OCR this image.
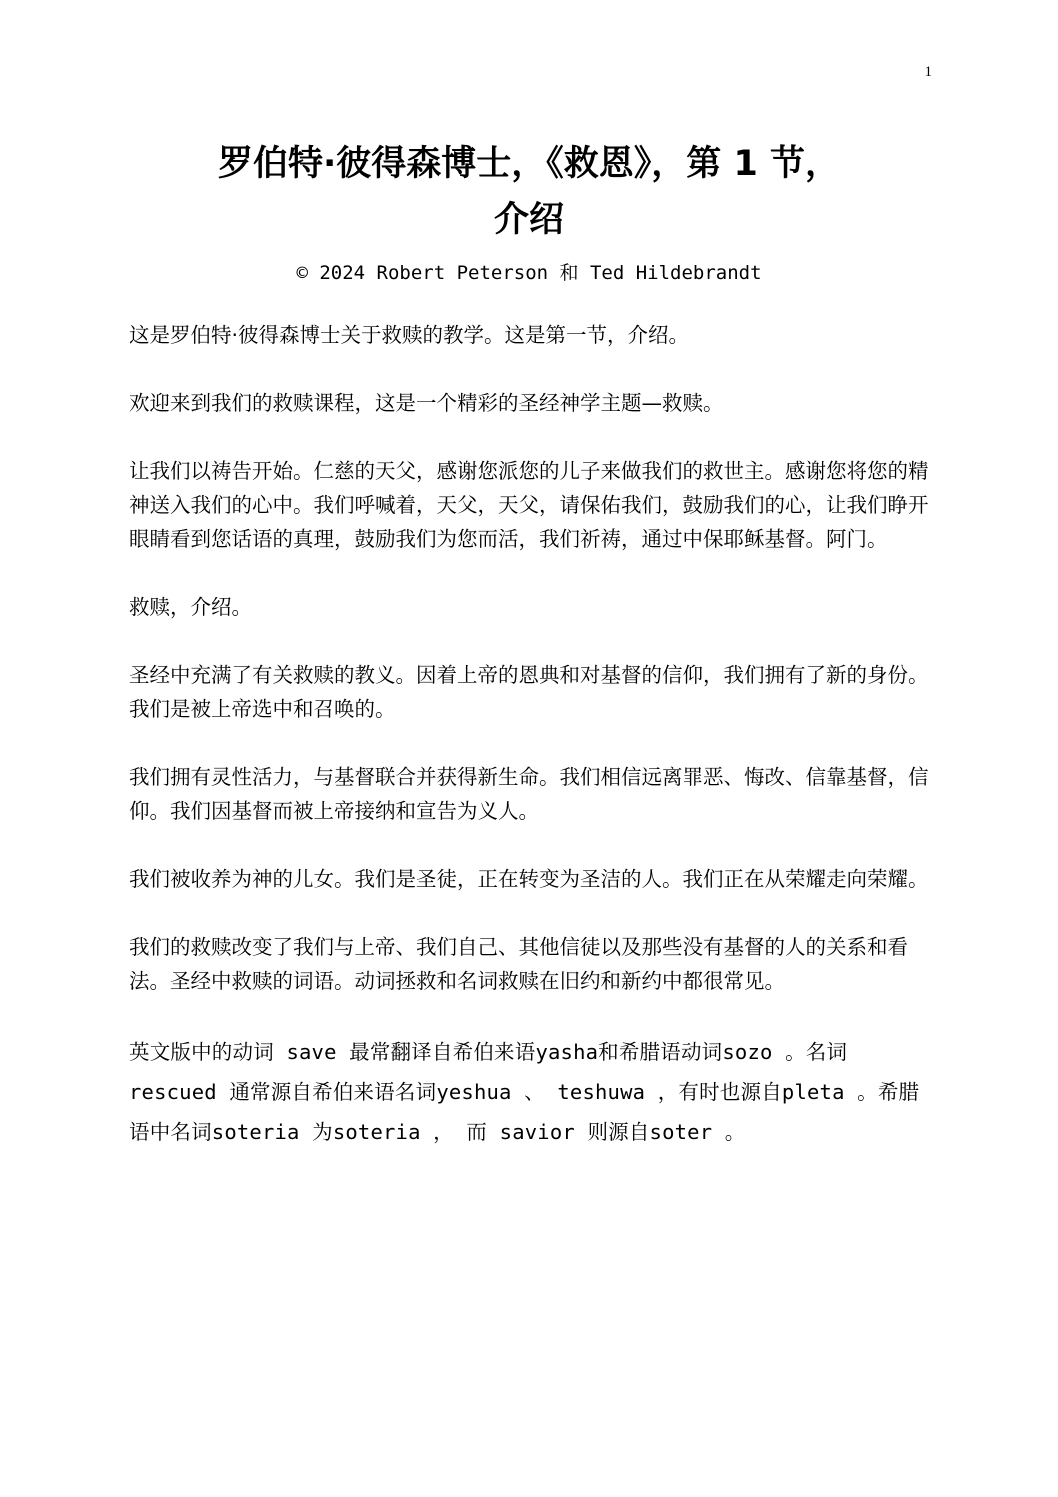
1
罗伯特·彼得森博士，《救恩》，第 1 节，
介绍
© 2024 Robert Peterson 和 Ted Hildebrandt

这是罗伯特·彼得森博士关于救赎的教学。这是第一节，介绍。

欢迎来到我们的救赎课程，这是一个精彩的圣经神学主题—救赎。

让我们以祷告开始。仁慈的天父，感谢您派您的儿子来做我们的救世主。感谢您将您的精神送入我们的心中。我们呼喊着，天父，天父，请保佑我们，鼓励我们的心，让我们睁开眼睛看到您话语的真理，鼓励我们为您而活，我们祈祷，通过中保耶稣基督。阿门。

救赎，介绍。

圣经中充满了有关救赎的教义。因着上帝的恩典和对基督的信仰，我们拥有了新的身份。我们是被上帝选中和召唤的。

我们拥有灵性活力，与基督联合并获得新生命。我们相信远离罪恶、悔改、信靠基督，信仰。我们因基督而被上帝接纳和宣告为义人。

我们被收养为神的儿女。我们是圣徒，正在转变为圣洁的人。我们正在从荣耀走向荣耀。

我们的救赎改变了我们与上帝、我们自己、其他信徒以及那些没有基督的人的关系和看法。圣经中救赎的词语。动词拯救和名词救赎在旧约和新约中都很常见。

英文版中的动词 save 最常翻译自希伯来语yasha和希腊语动词sozo 。名词 rescued 通常源自希伯来语名词yeshua 、 teshuwa ，有时也源自pleta 。希腊语中名词soteria 为soteria ， 而 savior 则源自soter 。
